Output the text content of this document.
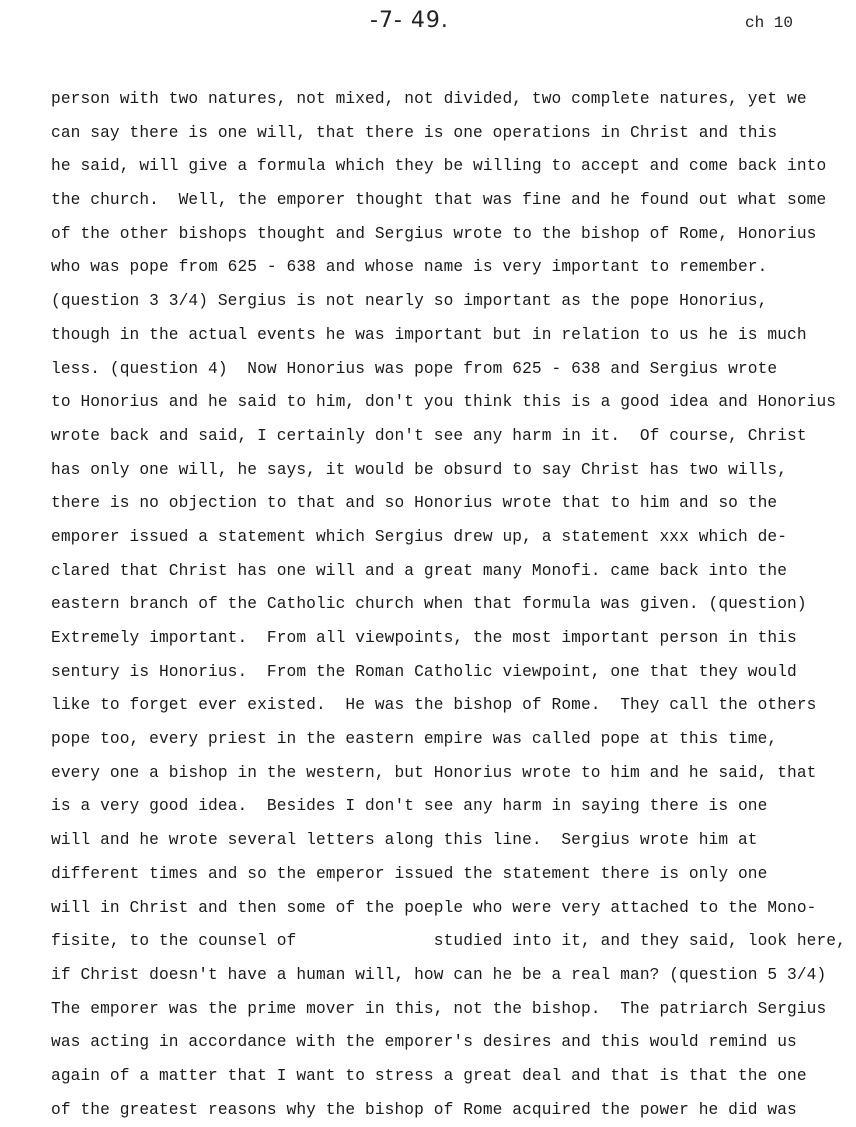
-7- 49.	ch 10
person with two natures, not mixed, not divided, two complete natures, yet we
can say there is one will, that there is one operations in Christ and this
he said, will give a formula which they be willing to accept and come back into
the church.  Well, the emporer thought that was fine and he found out what some
of the other bishops thought and Sergius wrote to the bishop of Rome, Honorius
who was pope from 625 - 638 and whose name is very important to remember.
(question 3 3/4) Sergius is not nearly so important as the pope Honorius,
though in the actual events he was important but in relation to us he is much
less. (question 4)  Now Honorius was pope from 625 - 638 and Sergius wrote
to Honorius and he said to him, don't you think this is a good idea and Honorius
wrote back and said, I certainly don't see any harm in it.  Of course, Christ
has only one will, he says, it would be obsurd to say Christ has two wills,
there is no objection to that and so Honorius wrote that to him and so the
emporer issued a statement which Sergius drew up, a statement xxx which de-
clared that Christ has one will and a great many Monofi. came back into the
eastern branch of the Catholic church when that formula was given. (question)
Extremely important.  From all viewpoints, the most important person in this
sentury is Honorius.  From the Roman Catholic viewpoint, one that they would
like to forget ever existed.  He was the bishop of Rome.  They call the others
pope too, every priest in the eastern empire was called pope at this time,
every one a bishop in the western, but Honorius wrote to him and he said, that
is a very good idea.  Besides I don't see any harm in saying there is one
will and he wrote several letters along this line.  Sergius wrote him at
different times and so the emperor issued the statement there is only one
will in Christ and then some of the poeple who were very attached to the Mono-
fisite, to the counsel of              studied into it, and they said, look here,
if Christ doesn't have a human will, how can he be a real man? (question 5 3/4)
The emporer was the prime mover in this, not the bishop.  The patriarch Sergius
was acting in accordance with the emporer's desires and this would remind us
again of a matter that I want to stress a great deal and that is that the one
of the greatest reasons why the bishop of Rome acquired the power he did was
